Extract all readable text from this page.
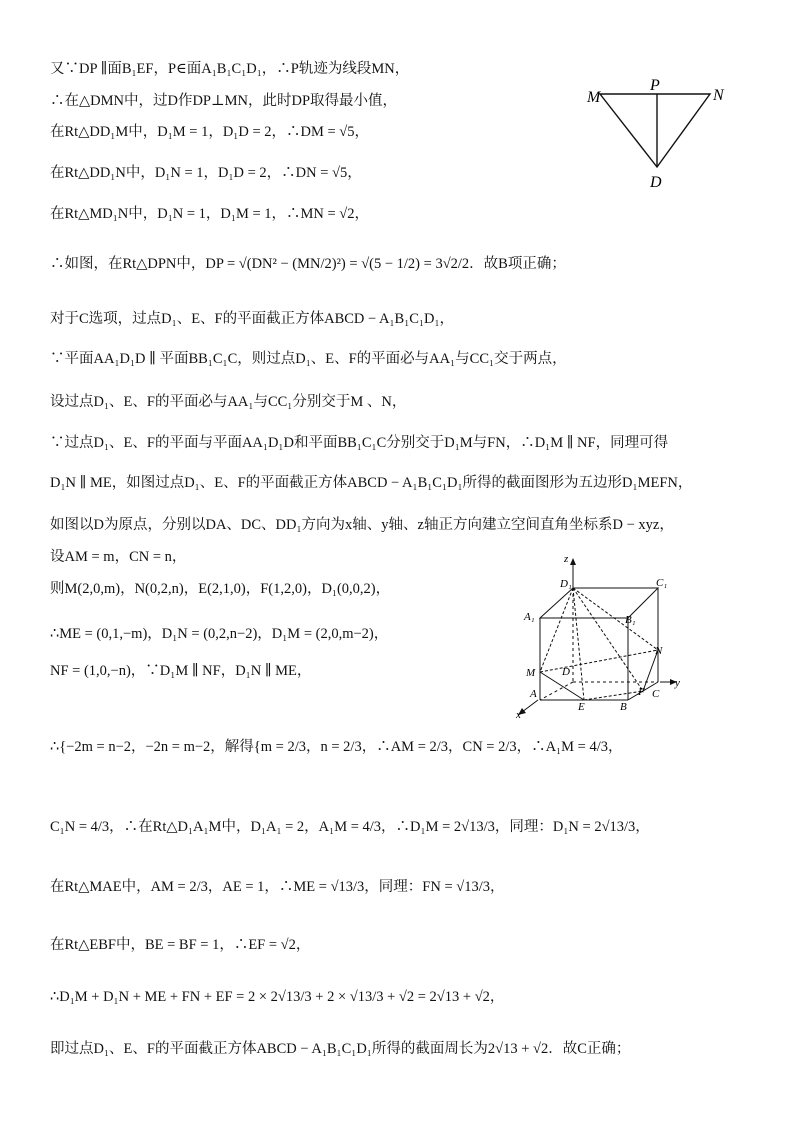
又∵DP ∥面B₁EF，P∈面A₁B₁C₁D₁，∴P轨迹为线段MN，
∴在△DMN中，过D作DP⊥MN，此时DP取得最小值，
在Rt△DD₁M中，D₁M = 1，D₁D = 2，∴DM = √5，
在Rt△DD₁N中，D₁N = 1，D₁D = 2，∴DN = √5，
在Rt△MD₁N中，D₁N = 1，D₁M = 1，∴MN = √2，
∴如图，在Rt△DPN中，DP = √(DN² − (MN/2)²) = √(5 − 1/2) = 3√2/2．故B项正确；
对于C选项，过点D₁、E、F的平面截正方体ABCD − A₁B₁C₁D₁，
∵平面AA₁D₁D ∥ 平面BB₁C₁C，则过点D₁、E、F的平面必与AA₁与CC₁交于两点，
设过点D₁、E、F的平面必与AA₁与CC₁分别交于M 、N，
∵过点D₁、E、F的平面与平面AA₁D₁D和平面BB₁C₁C分别交于D₁M与FN，∴D₁M ∥ NF，同理可得
D₁N ∥ ME，如图过点D₁、E、F的平面截正方体ABCD − A₁B₁C₁D₁所得的截面图形为五边形D₁MEFN，
如图以D为原点，分别以DA、DC、DD₁方向为x轴、y轴、z轴正方向建立空间直角坐标系D − xyz，
设AM = m，CN = n，
则M(2,0,m)，N(0,2,n)，E(2,1,0)，F(1,2,0)，D₁(0,0,2)，
∴ME = (0,1,−m)，D₁N = (0,2,n−2)，D₁M = (2,0,m−2)，
NF = (1,0,−n)，∵D₁M ∥ NF，D₁N ∥ ME，
∴{−2m = n−2，−2n = m−2，解得{m = 2/3，n = 2/3，∴AM = 2/3，CN = 2/3，∴A₁M = 4/3，
C₁N = 4/3，∴在Rt△D₁A₁M中，D₁A₁ = 2，A₁M = 4/3，∴D₁M = 2√13/3，同理：D₁N = 2√13/3，
在Rt△MAE中，AM = 2/3，AE = 1，∴ME = √13/3，同理：FN = √13/3，
在Rt△EBF中，BE = BF = 1，∴EF = √2，
∴D₁M + D₁N + ME + FN + EF = 2 × 2√13/3 + 2 × √13/3 + √2 = 2√13 + √2，
即过点D₁、E、F的平面截正方体ABCD − A₁B₁C₁D₁所得的截面周长为2√13 + √2．故C正确；
M
P
N
D
z
D₁	C₁
A₁	B₁
N
M D
C
y
A	F
E	B
x
